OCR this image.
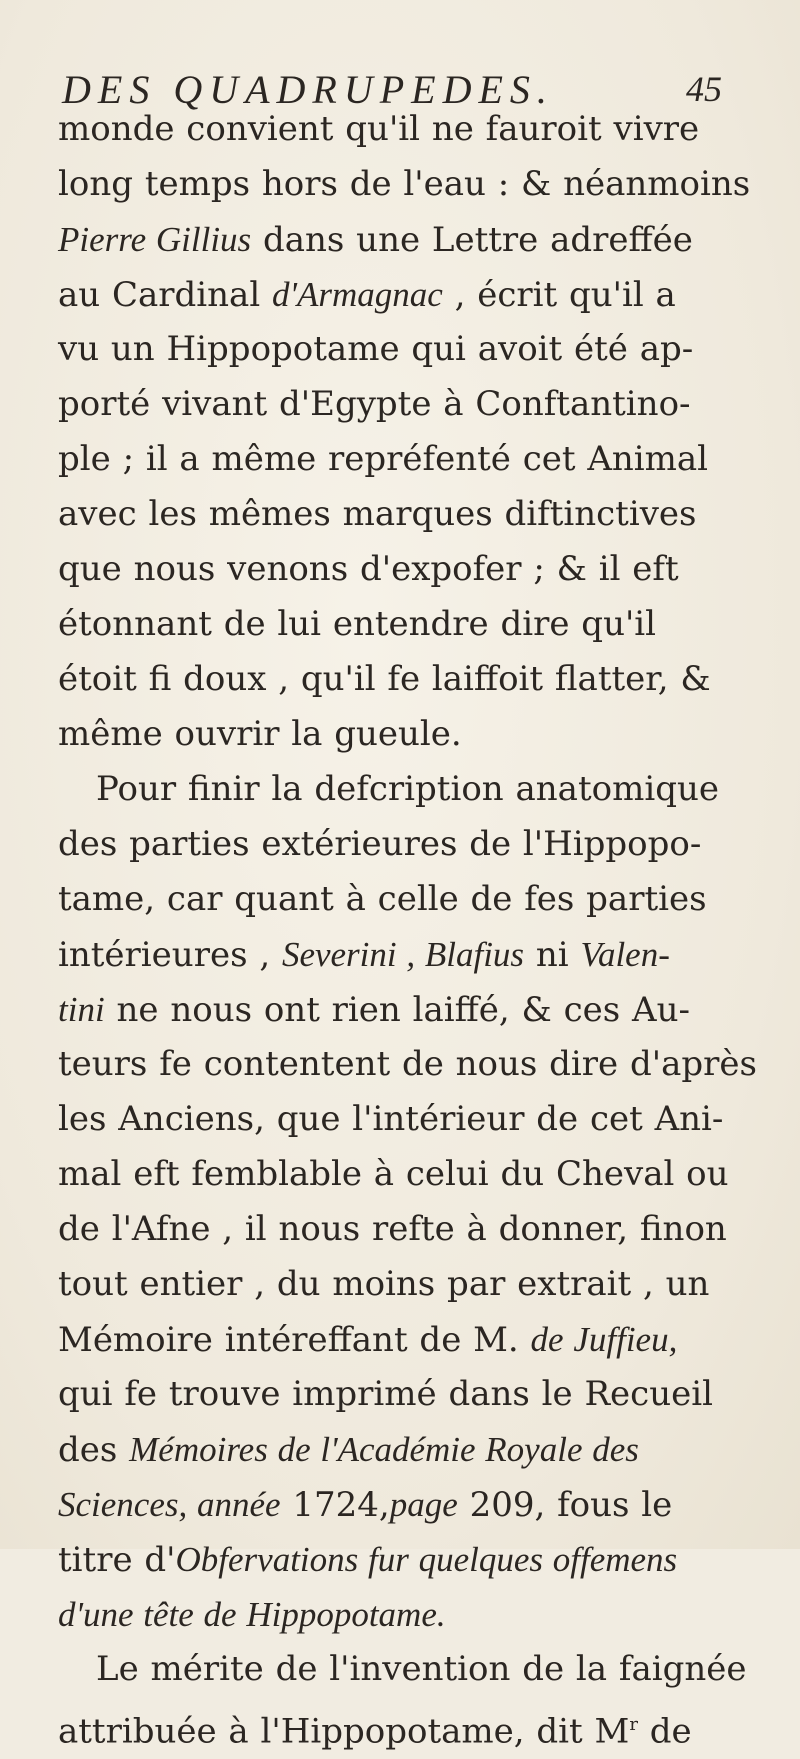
DES QUADRUPEDES.	45
monde convient qu'il ne fauroit vivre
long temps hors de l'eau : & néanmoins
Pierre Gillius dans une Lettre adreffée
au Cardinal d'Armagnac , écrit qu'il a
vu un Hippopotame qui avoit été ap-
porté vivant d'Egypte à Conftantino-
ple ; il a même repréfenté cet Animal
avec les mêmes marques diftinctives
que nous venons d'expofer ; & il eft
étonnant de lui entendre dire qu'il
étoit fi doux , qu'il fe laiffoit flatter, &
même ouvrir la gueule.
Pour finir la defcription anatomique
des parties extérieures de l'Hippopo-
tame, car quant à celle de fes parties
intérieures , Severini , Blafius ni Valen-
tini ne nous ont rien laiffé, & ces Au-
teurs fe contentent de nous dire d'après
les Anciens, que l'intérieur de cet Ani-
mal eft femblable à celui du Cheval ou
de l'Afne , il nous refte à donner, finon
tout entier , du moins par extrait , un
Mémoire intéreffant de M. de Juffieu,
qui fe trouve imprimé dans le Recueil
des Mémoires de l'Académie Royale des
Sciences, année 1724,page 209, fous le
titre d'Obfervations fur quelques offemens
d'une tête de Hippopotame.
Le mérite de l'invention de la faignée
attribuée à l'Hippopotame, dit $M^r$ de
